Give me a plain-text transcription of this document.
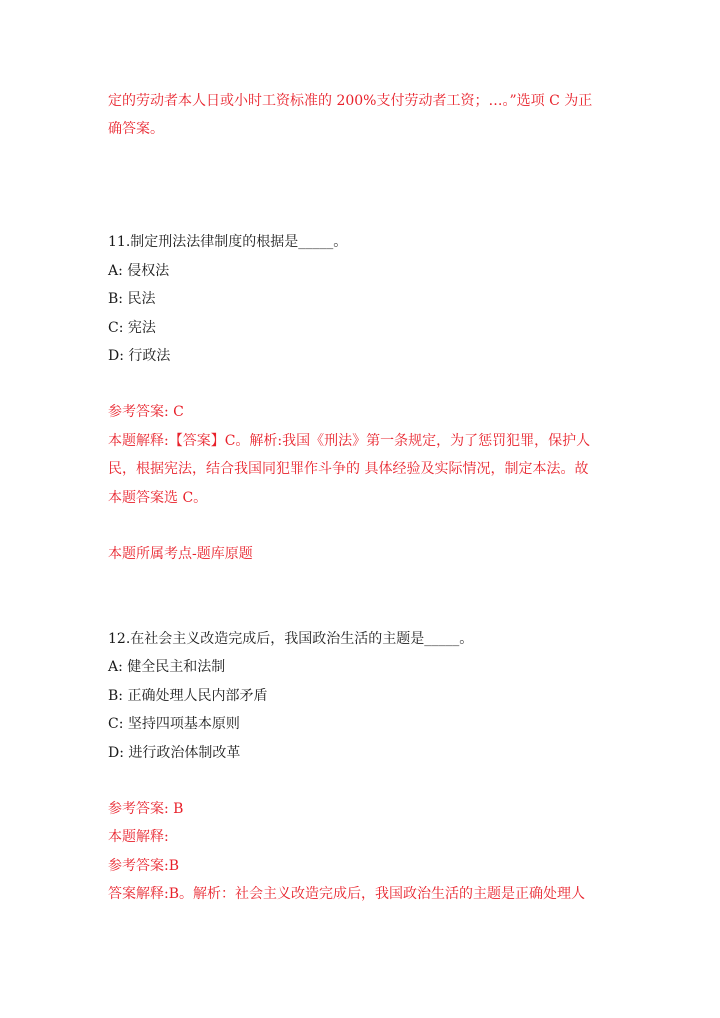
定的劳动者本人日或小时工资标准的 200%支付劳动者工资；…。”选项 C 为正
确答案。
11.制定刑法法律制度的根据是_____。
A: 侵权法
B: 民法
C: 宪法
D: 行政法
参考答案: C
本题解释:【答案】C。解析:我国《刑法》第一条规定，为了惩罚犯罪，保护人
民，根据宪法，结合我国同犯罪作斗争的 具体经验及实际情况，制定本法。故
本题答案选 C。
本题所属考点-题库原题
12.在社会主义改造完成后，我国政治生活的主题是_____。
A: 健全民主和法制
B: 正确处理人民内部矛盾
C: 坚持四项基本原则
D: 进行政治体制改革
参考答案: B
本题解释:
参考答案:B
答案解释:B。解析：社会主义改造完成后，我国政治生活的主题是正确处理人
